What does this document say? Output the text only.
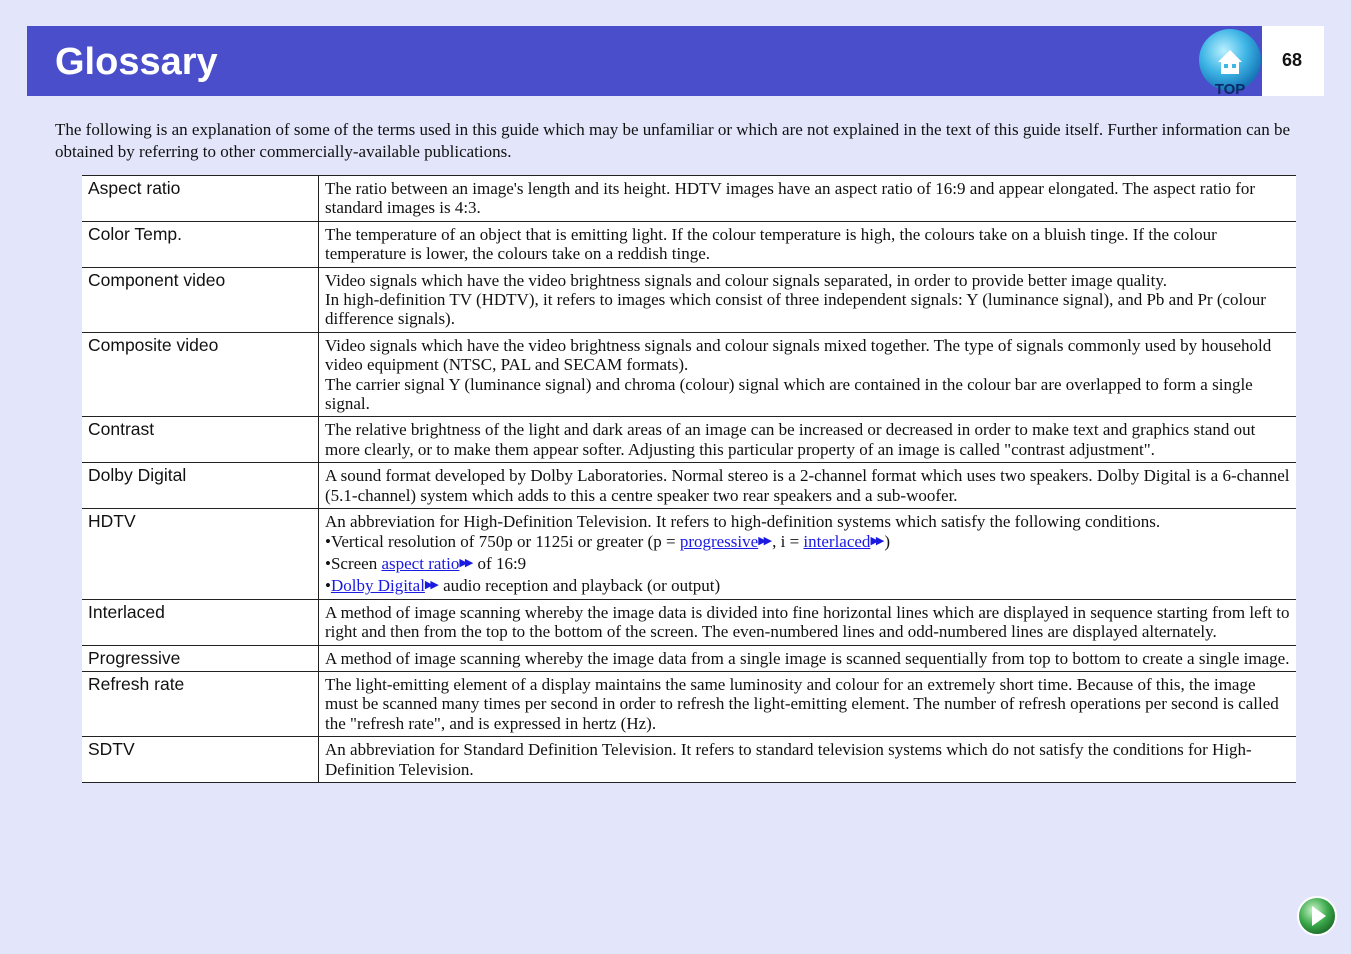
Glossary
TOP
68
The following is an explanation of some of the terms used in this guide which may be unfamiliar or which are not explained in the text of this guide itself. Further information can be obtained by referring to other commercially-available publications.
Aspect ratio	The ratio between an image's length and its height. HDTV images have an aspect ratio of 16:9 and appear elongated. The aspect ratio for standard images is 4:3.

Color Temp.	The temperature of an object that is emitting light. If the colour temperature is high, the colours take on a bluish tinge. If the colour temperature is lower, the colours take on a reddish tinge.

Component video	Video signals which have the video brightness signals and colour signals separated, in order to provide better image quality.
In high-definition TV (HDTV), it refers to images which consist of three independent signals: Y (luminance signal), and Pb and Pr (colour difference signals).

Composite video	Video signals which have the video brightness signals and colour signals mixed together. The type of signals commonly used by household video equipment (NTSC, PAL and SECAM formats).
The carrier signal Y (luminance signal) and chroma (colour) signal which are contained in the colour bar are overlapped to form a single signal.

Contrast	The relative brightness of the light and dark areas of an image can be increased or decreased in order to make text and graphics stand out more clearly, or to make them appear softer. Adjusting this particular property of an image is called "contrast adjustment".

Dolby Digital	A sound format developed by Dolby Laboratories. Normal stereo is a 2-channel format which uses two speakers. Dolby Digital is a 6-channel (5.1-channel) system which adds to this a centre speaker two rear speakers and a sub-woofer.

HDTV	An abbreviation for High-Definition Television. It refers to high-definition systems which satisfy the following conditions.
•Vertical resolution of 750p or 1125i or greater (p = progressive▶▶ , i = interlaced▶▶ )
•Screen aspect ratio▶▶ of 16:9
•Dolby Digital▶▶ audio reception and playback (or output)

Interlaced	A method of image scanning whereby the image data is divided into fine horizontal lines which are displayed in sequence starting from left to right and then from the top to the bottom of the screen. The even-numbered lines and odd-numbered lines are displayed alternately.

Progressive	A method of image scanning whereby the image data from a single image is scanned sequentially from top to bottom to create a single image.

Refresh rate	The light-emitting element of a display maintains the same luminosity and colour for an extremely short time. Because of this, the image must be scanned many times per second in order to refresh the light-emitting element. The number of refresh operations per second is called the "refresh rate", and is expressed in hertz (Hz).

SDTV	An abbreviation for Standard Definition Television. It refers to standard television systems which do not satisfy the conditions for High-Definition Television.
